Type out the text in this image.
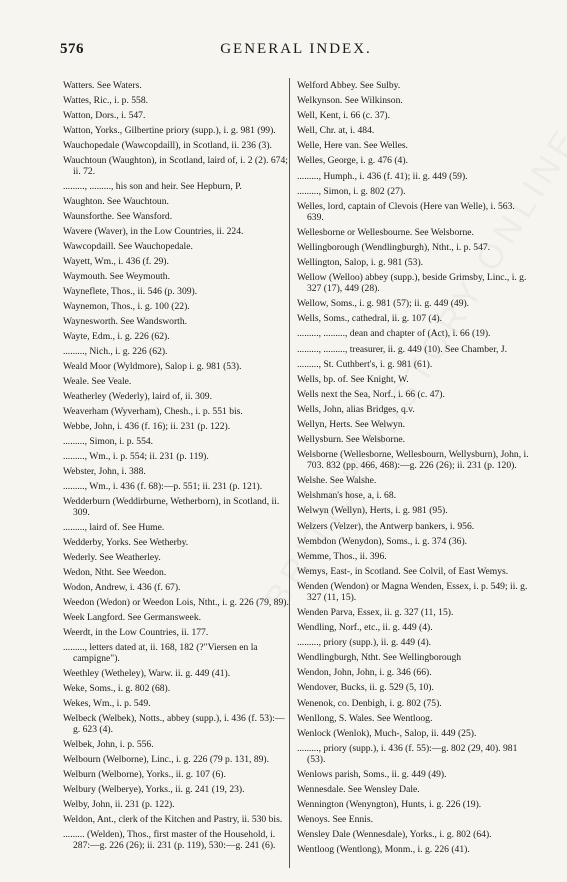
576	GENERAL INDEX.
Watters. See Waters.
Wattes, Ric., i. p. 558.
Watton, Dors., i. 547.
Watton, Yorks., Gilbertine priory (supp.), i. g. 981 (99).
Wauchopedale (Wawcopdaill), in Scotland, ii. 236 (3).
Wauchtoun (Waughton), in Scotland, laird of, i. 2 (2). 674; ii. 72.
........., ........., his son and heir. See Hepburn, P.
Waughton. See Wauchtoun.
Waunsforthe. See Wansford.
Wavere (Waver), in the Low Countries, ii. 224.
Wawcopdaill. See Wauchopedale.
Wayett, Wm., i. 436 (f. 29).
Waymouth. See Weymouth.
Wayneflete, Thos., ii. 546 (p. 309).
Waynemon, Thos., i. g. 100 (22).
Waynesworth. See Wandsworth.
Wayte, Edm., i. g. 226 (62).
........., Nich., i. g. 226 (62).
Weald Moor (Wyldmore), Salop i. g. 981 (53).
Weale. See Veale.
Weatherley (Wederly), laird of, ii. 309.
Weaverham (Wyverham), Chesh., i. p. 551 bis.
Webbe, John, i. 436 (f. 16); ii. 231 (p. 122).
........., Simon, i. p. 554.
........., Wm., i. p. 554; ii. 231 (p. 119).
Webster, John, i. 388.
........., Wm., i. 436 (f. 68):—p. 551; ii. 231 (p. 121).
Wedderburn (Weddirburne, Wetherborn), in Scotland, ii. 309.
........., laird of. See Hume.
Wedderby, Yorks. See Wetherby.
Wederly. See Weatherley.
Wedon, Ntht. See Weedon.
Wodon, Andrew, i. 436 (f. 67).
Weedon (Wedon) or Weedon Lois, Ntht., i. g. 226 (79, 89).
Week Langford. See Germansweek.
Weerdt, in the Low Countries, ii. 177.
........., letters dated at, ii. 168, 182 (?"Viersen en la campigne").
Weethley (Wetheley), Warw. ii. g. 449 (41).
Weke, Soms., i. g. 802 (68).
Wekes, Wm., i. p. 549.
Welbeck (Welbek), Notts., abbey (supp.), i. 436 (f. 53):—g. 623 (4).
Welbek, John, i. p. 556.
Welbourn (Welborne), Linc., i. g. 226 (79 p. 131, 89).
Welburn (Welborne), Yorks., ii. g. 107 (6).
Welbury (Welberye), Yorks., ii. g. 241 (19, 23).
Welby, John, ii. 231 (p. 122).
Weldon, Ant., clerk of the Kitchen and Pastry, ii. 530 bis.
......... (Welden), Thos., first master of the Household, i. 287:—g. 226 (26); ii. 231 (p. 119), 530:—g. 241 (6).
Welford Abbey. See Sulby.
Welkynson. See Wilkinson.
Well, Kent, i. 66 (c. 37).
Well, Chr. at, i. 484.
Welle, Here van. See Welles.
Welles, George, i. g. 476 (4).
........., Humph., i. 436 (f. 41); ii. g. 449 (59).
........., Simon, i. g. 802 (27).
Welles, lord, captain of Clevois (Here van Welle), i. 563. 639.
Wellesborne or Wellesbourne. See Welsborne.
Wellingborough (Wendlingburgh), Ntht., i. p. 547.
Wellington, Salop, i. g. 981 (53).
Wellow (Welloo) abbey (supp.), beside Grimsby, Linc., i. g. 327 (17), 449 (28).
Wellow, Soms., i. g. 981 (57); ii. g. 449 (49).
Wells, Soms., cathedral, ii. g. 107 (4).
........., ........., dean and chapter of (Act), i. 66 (19).
........., ........., treasurer, ii. g. 449 (10). See Chamber, J.
........., St. Cuthbert's, i. g. 981 (61).
Wells, bp. of. See Knight, W.
Wells next the Sea, Norf., i. 66 (c. 47).
Wells, John, alias Bridges, q.v.
Wellyn, Herts. See Welwyn.
Wellysburn. See Welsborne.
Welsborne (Wellesborne, Wellesbourn, Wellysburn), John, i. 703. 832 (pp. 466, 468):—g. 226 (26); ii. 231 (p. 120).
Welshe. See Walshe.
Welshman's hose, a, i. 68.
Welwyn (Wellyn), Herts, i. g. 981 (95).
Welzers (Velzer), the Antwerp bankers, i. 956.
Wembdon (Wenydon), Soms., i. g. 374 (36).
Wemme, Thos., ii. 396.
Wemys, East-, in Scotland. See Colvil, of East Wemys.
Wenden (Wendon) or Magna Wenden, Essex, i. p. 549; ii. g. 327 (11, 15).
Wenden Parva, Essex, ii. g. 327 (11, 15).
Wendling, Norf., etc., ii. g. 449 (4).
........., priory (supp.), ii. g. 449 (4).
Wendlingburgh, Ntht. See Wellingborough
Wendon, John, John, i. g. 346 (66).
Wendover, Bucks, ii. g. 529 (5, 10).
Wenenok, co. Denbigh, i. g. 802 (75).
Wenllong, S. Wales. See Wentloog.
Wenlock (Wenlok), Much-, Salop, ii. 449 (25).
........., priory (supp.), i. 436 (f. 55):—g. 802 (29, 40). 981 (53).
Wenlows parish, Soms., ii. g. 449 (49).
Wennesdale. See Wensley Dale.
Wennington (Wenyngton), Hunts, i. g. 226 (19).
Wenoys. See Ennis.
Wensley Dale (Wennesdale), Yorks., i. g. 802 (64).
Wentloog (Wentlong), Monm., i. g. 226 (41).
